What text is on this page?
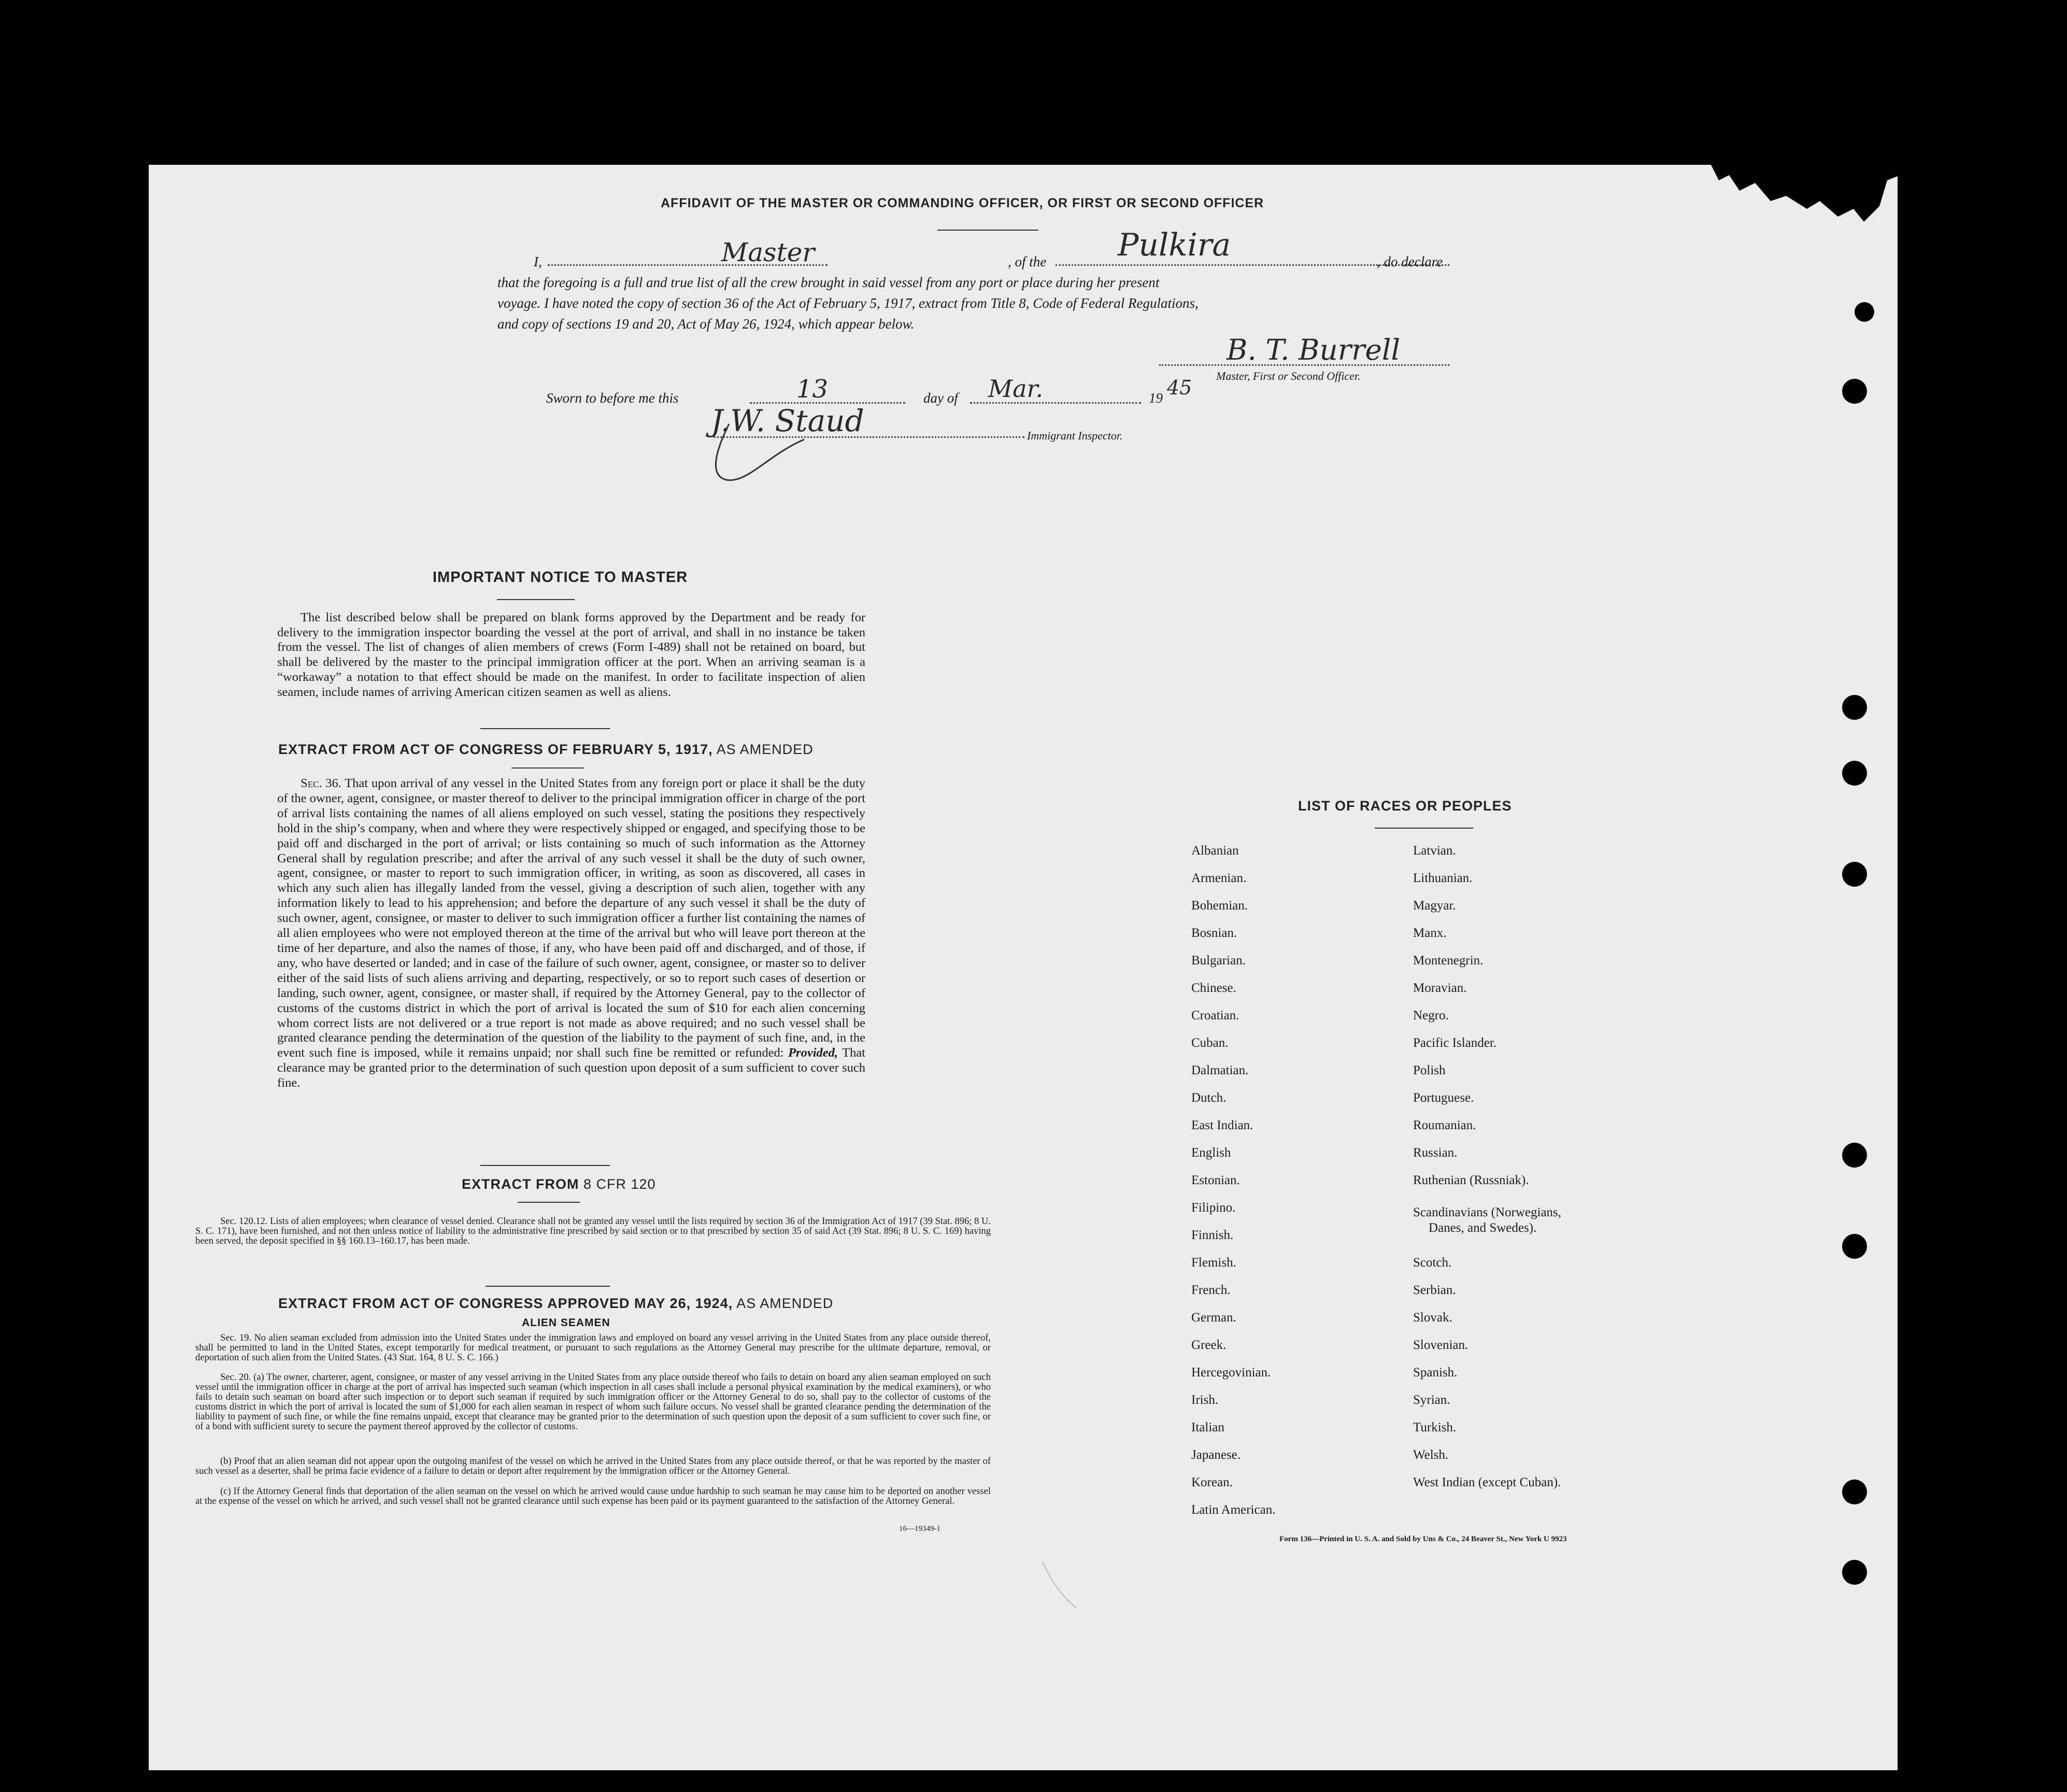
AFFIDAVIT OF THE MASTER OR COMMANDING OFFICER, OR FIRST OR SECOND OFFICER
I,	Master	, of the Pulkira	, do declare
that the foregoing is a full and true list of all the crew brought in said vessel from any port or place during her present
voyage. I have noted the copy of section 36 of the Act of February 5, 1917, extract from Title 8, Code of Federal Regulations,
and copy of sections 19 and 20, Act of May 26, 1924, which appear below.
B. T. Burrell
Master, First or Second Officer.
Sworn to before me this	13	day of Mar.	19 45
J.W. Staud	Immigrant Inspector.
IMPORTANT NOTICE TO MASTER
The list described below shall be prepared on blank forms approved by the Department and be ready for delivery to the immigration inspector boarding the vessel at the port of arrival, and shall in no instance be taken from the vessel. The list of changes of alien members of crews (Form I-489) shall not be retained on board, but shall be delivered by the master to the principal immigration officer at the port. When an arriving seaman is a “workaway” a notation to that effect should be made on the manifest. In order to facilitate inspection of alien seamen, include names of arriving American citizen seamen as well as aliens.
EXTRACT FROM ACT OF CONGRESS OF FEBRUARY 5, 1917, AS AMENDED
Sec. 36. That upon arrival of any vessel in the United States from any foreign port or place it shall be the duty of the owner, agent, consignee, or master thereof to deliver to the principal immigration officer in charge of the port of arrival lists containing the names of all aliens employed on such vessel, stating the positions they respectively hold in the ship’s company, when and where they were respectively shipped or engaged, and specifying those to be paid off and discharged in the port of arrival; or lists containing so much of such information as the Attorney General shall by regulation prescribe; and after the arrival of any such vessel it shall be the duty of such owner, agent, consignee, or master to report to such immigration officer, in writing, as soon as discovered, all cases in which any such alien has illegally landed from the vessel, giving a description of such alien, together with any information likely to lead to his apprehension; and before the departure of any such vessel it shall be the duty of such owner, agent, consignee, or master to deliver to such immigration officer a further list containing the names of all alien employees who were not employed thereon at the time of the arrival but who will leave port thereon at the time of her departure, and also the names of those, if any, who have been paid off and discharged, and of those, if any, who have deserted or landed; and in case of the failure of such owner, agent, consignee, or master so to deliver either of the said lists of such aliens arriving and departing, respectively, or so to report such cases of desertion or landing, such owner, agent, consignee, or master shall, if required by the Attorney General, pay to the collector of customs of the customs district in which the port of arrival is located the sum of $10 for each alien concerning whom correct lists are not delivered or a true report is not made as above required; and no such vessel shall be granted clearance pending the determination of the question of the liability to the payment of such fine, and, in the event such fine is imposed, while it remains unpaid; nor shall such fine be remitted or refunded: Provided, That clearance may be granted prior to the determination of such question upon deposit of a sum sufficient to cover such fine.
EXTRACT FROM 8 CFR 120
Sec. 120.12. Lists of alien employees; when clearance of vessel denied. Clearance shall not be granted any vessel until the lists required by section 36 of the Immigration Act of 1917 (39 Stat. 896; 8 U. S. C. 171), have been furnished, and not then unless notice of liability to the administrative fine prescribed by said section or to that prescribed by section 35 of said Act (39 Stat. 896; 8 U. S. C. 169) having been served, the deposit specified in §§ 160.13–160.17, has been made.
EXTRACT FROM ACT OF CONGRESS APPROVED MAY 26, 1924, AS AMENDED
ALIEN SEAMEN
Sec. 19. No alien seaman excluded from admission into the United States under the immigration laws and employed on board any vessel arriving in the United States from any place outside thereof, shall be permitted to land in the United States, except temporarily for medical treatment, or pursuant to such regulations as the Attorney General may prescribe for the ultimate departure, removal, or deportation of such alien from the United States. (43 Stat. 164, 8 U. S. C. 166.)
Sec. 20. (a) The owner, charterer, agent, consignee, or master of any vessel arriving in the United States from any place outside thereof who fails to detain on board any alien seaman employed on such vessel until the immigration officer in charge at the port of arrival has inspected such seaman (which inspection in all cases shall include a personal physical examination by the medical examiners), or who fails to detain such seaman on board after such inspection or to deport such seaman if required by such immigration officer or the Attorney General to do so, shall pay to the collector of customs of the customs district in which the port of arrival is located the sum of $1,000 for each alien seaman in respect of whom such failure occurs. No vessel shall be granted clearance pending the determination of the liability to payment of such fine, or while the fine remains unpaid, except that clearance may be granted prior to the determination of such question upon the deposit of a sum sufficient to cover such fine, or of a bond with sufficient surety to secure the payment thereof approved by the collector of customs.
(b) Proof that an alien seaman did not appear upon the outgoing manifest of the vessel on which he arrived in the United States from any place outside thereof, or that he was reported by the master of such vessel as a deserter, shall be prima facie evidence of a failure to detain or deport after requirement by the immigration officer or the Attorney General.
(c) If the Attorney General finds that deportation of the alien seaman on the vessel on which he arrived would cause undue hardship to such seaman he may cause him to be deported on another vessel at the expense of the vessel on which he arrived, and such vessel shall not be granted clearance until such expense has been paid or its payment guaranteed to the satisfaction of the Attorney General.
16—19349-1
LIST OF RACES OR PEOPLES
Albanian
Armenian.
Bohemian.
Bosnian.
Bulgarian.
Chinese.
Croatian.
Cuban.
Dalmatian.
Dutch.
East Indian.
English
Estonian.
Filipino.
Finnish.
Flemish.
French.
German.
Greek.
Hercegovinian.
Irish.
Italian
Japanese.
Korean.
Latin American.
Latvian.
Lithuanian.
Magyar.
Manx.
Montenegrin.
Moravian.
Negro.
Pacific Islander.
Polish
Portuguese.
Roumanian.
Russian.
Ruthenian (Russniak).
Scandinavians (Norwegians,
Danes, and Swedes).
Scotch.
Serbian.
Slovak.
Slovenian.
Spanish.
Syrian.
Turkish.
Welsh.
West Indian (except Cuban).
Form 136—Printed in U. S. A. and Sold by Uns & Co., 24 Beaver St., New York U 9923
